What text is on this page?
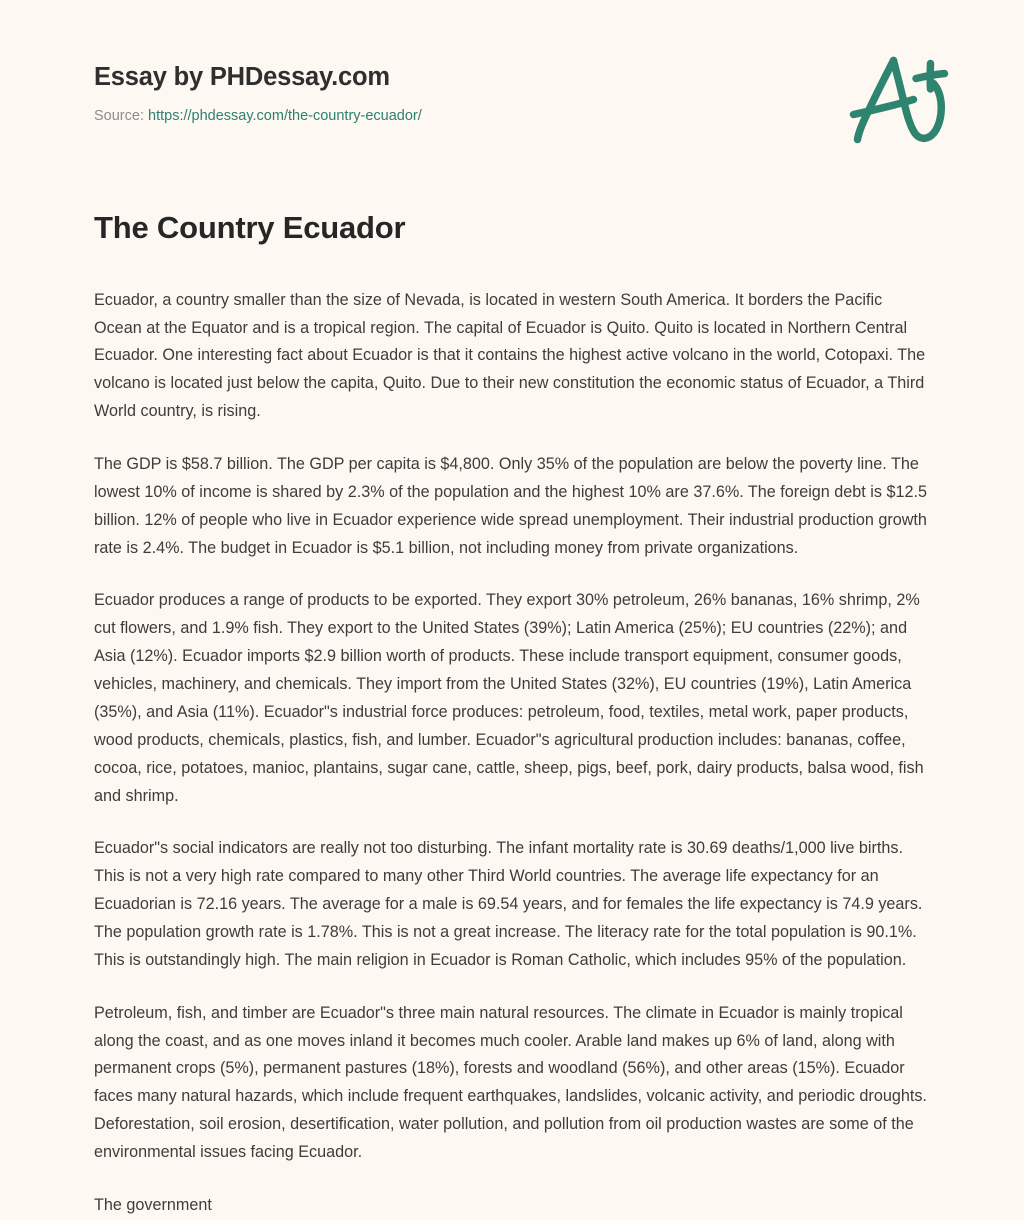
Essay by PHDessay.com
Source: https://phdessay.com/the-country-ecuador/
The Country Ecuador

Ecuador, a country smaller than the size of Nevada, is located in western South America. It borders the Pacific Ocean at the Equator and is a tropical region. The capital of Ecuador is Quito. Quito is located in Northern Central Ecuador. One interesting fact about Ecuador is that it contains the highest active volcano in the world, Cotopaxi. The volcano is located just below the capita, Quito. Due to their new constitution the economic status of Ecuador, a Third World country, is rising.

The GDP is $58.7 billion. The GDP per capita is $4,800. Only 35% of the population are below the poverty line. The lowest 10% of income is shared by 2.3% of the population and the highest 10% are 37.6%. The foreign debt is $12.5 billion. 12% of people who live in Ecuador experience wide spread unemployment. Their industrial production growth rate is 2.4%. The budget in Ecuador is $5.1 billion, not including money from private organizations.

Ecuador produces a range of products to be exported. They export 30% petroleum, 26% bananas, 16% shrimp, 2% cut flowers, and 1.9% fish. They export to the United States (39%); Latin America (25%); EU countries (22%); and Asia (12%). Ecuador imports $2.9 billion worth of products. These include transport equipment, consumer goods, vehicles, machinery, and chemicals. They import from the United States (32%), EU countries (19%), Latin America (35%), and Asia (11%). Ecuador"s industrial force produces: petroleum, food, textiles, metal work, paper products, wood products, chemicals, plastics, fish, and lumber. Ecuador"s agricultural production includes: bananas, coffee, cocoa, rice, potatoes, manioc, plantains, sugar cane, cattle, sheep, pigs, beef, pork, dairy products, balsa wood, fish and shrimp.

Ecuador"s social indicators are really not too disturbing. The infant mortality rate is 30.69 deaths/1,000 live births. This is not a very high rate compared to many other Third World countries. The average life expectancy for an Ecuadorian is 72.16 years. The average for a male is 69.54 years, and for females the life expectancy is 74.9 years. The population growth rate is 1.78%. This is not a great increase. The literacy rate for the total population is 90.1%. This is outstandingly high. The main religion in Ecuador is Roman Catholic, which includes 95% of the population.

Petroleum, fish, and timber are Ecuador"s three main natural resources. The climate in Ecuador is mainly tropical along the coast, and as one moves inland it becomes much cooler. Arable land makes up 6% of land, along with permanent crops (5%), permanent pastures (18%), forests and woodland (56%), and other areas (15%). Ecuador faces many natural hazards, which include frequent earthquakes, landslides, volcanic activity, and periodic droughts. Deforestation, soil erosion, desertification, water pollution, and pollution from oil production wastes are some of the environmental issues facing Ecuador.

The government
